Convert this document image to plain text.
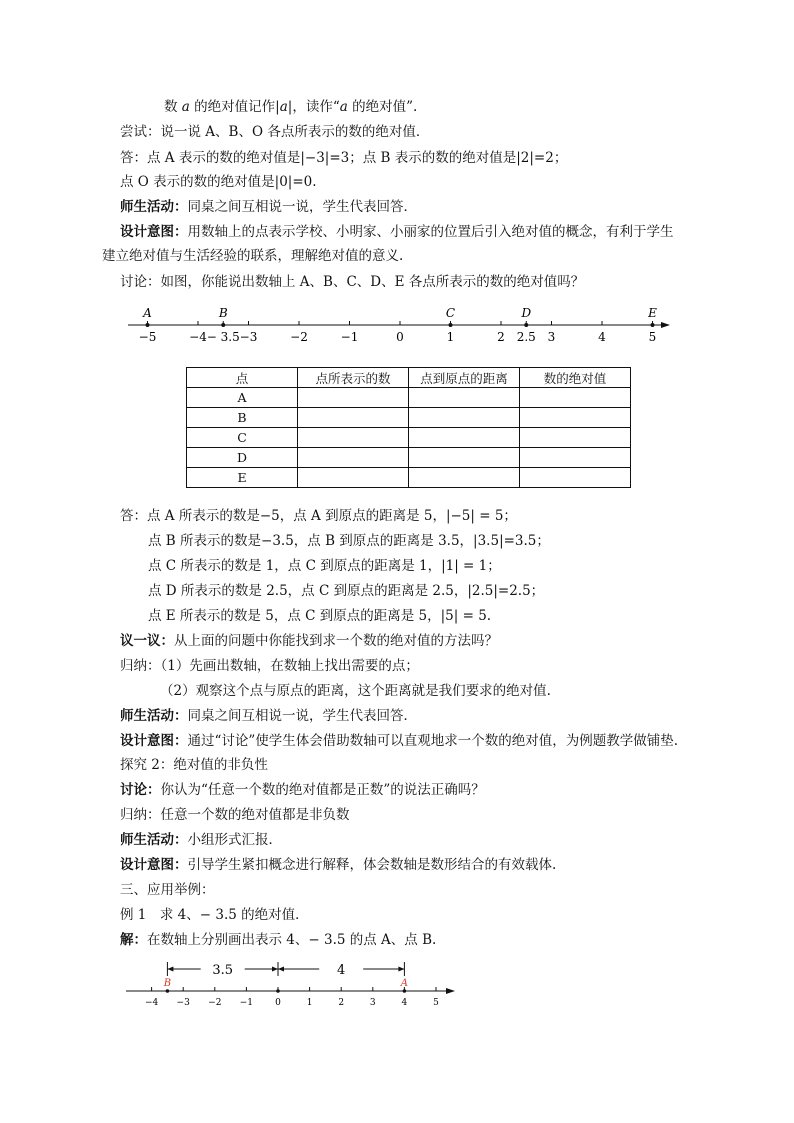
数 a 的绝对值记作|a|，读作“a 的绝对值”.
尝试：说一说 A、B、O 各点所表示的数的绝对值．
答：点 A 表示的数的绝对值是|−3|=3；点 B 表示的数的绝对值是|2|=2；
点 O 表示的数的绝对值是|0|=0.
师生活动：同桌之间互相说一说，学生代表回答．
设计意图：用数轴上的点表示学校、小明家、小丽家的位置后引入绝对值的概念，有利于学生
建立绝对值与生活经验的联系，理解绝对值的意义.
讨论：如图，你能说出数轴上 A、B、C、D、E 各点所表示的数的绝对值吗？
−5	−4 − 3.5 −3	−2	−1	0	1	2 2.5 3	4	5
A	B	C	D	E
点	点所表示的数	点到原点的距离	数的绝对值
A			
B			
C			
D			
E			
答：点 A 所表示的数是−5，点 A 到原点的距离是 5，|−5| = 5；
点 B 所表示的数是−3.5，点 B 到原点的距离是 3.5，|3.5|=3.5；
点 C 所表示的数是 1，点 C 到原点的距离是 1，|1| = 1；
点 D 所表示的数是 2.5，点 C 到原点的距离是 2.5，|2.5|=2.5；
点 E 所表示的数是 5，点 C 到原点的距离是 5，|5| = 5.
议一议：从上面的问题中你能找到求一个数的绝对值的方法吗？
归纳：（1）先画出数轴，在数轴上找出需要的点；
（2）观察这个点与原点的距离，这个距离就是我们要求的绝对值.
师生活动：同桌之间互相说一说，学生代表回答．
设计意图：通过“讨论”使学生体会借助数轴可以直观地求一个数的绝对值，为例题教学做铺垫.
探究 2：绝对值的非负性
讨论：你认为“任意一个数的绝对值都是正数”的说法正确吗？
归纳：任意一个数的绝对值都是非负数
师生活动：小组形式汇报．
设计意图：引导学生紧扣概念进行解释，体会数轴是数形结合的有效载体.
三、应用举例：
例 1　求 4、− 3.5 的绝对值．
解：在数轴上分别画出表示 4、− 3.5 的点 A、点 B.
−4 −3 −2 −1 0	1	2	3	4	5
B	A
3.5	4
